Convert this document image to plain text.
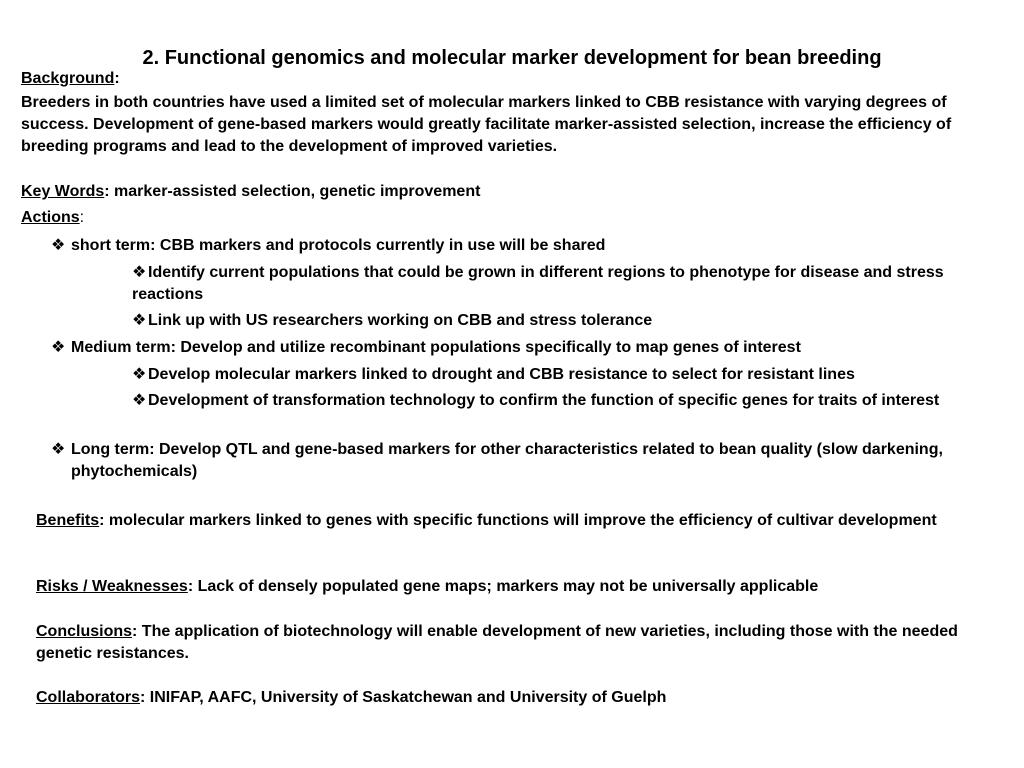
2. Functional genomics and molecular marker development for bean breeding
Background:

Breeders in both countries have used a limited set of molecular markers linked to CBB resistance with varying degrees of success. Development of gene-based markers would greatly facilitate marker-assisted selection, increase the efficiency of breeding programs and lead to the development of improved varieties.

Key Words: marker-assisted selection, genetic improvement
Actions:
❖ short term: CBB markers and protocols currently in use will be shared
❖ Identify current populations that could be grown in different regions to phenotype for disease and stress reactions
❖ Link up with US researchers working on CBB and stress tolerance
❖ Medium term: Develop and utilize recombinant populations specifically to map genes of interest
❖ Develop molecular markers linked to drought and CBB resistance to select for resistant lines
❖ Development of transformation technology to confirm the function of specific genes for traits of interest
❖ Long term: Develop QTL and gene-based markers for other characteristics related to bean quality (slow darkening, phytochemicals)

Benefits: molecular markers linked to genes with specific functions will improve the efficiency of cultivar development

Risks / Weaknesses: Lack of densely populated gene maps; markers may not be universally applicable

Conclusions: The application of biotechnology will enable development of new varieties, including those with the needed genetic resistances.

Collaborators: INIFAP, AAFC, University of Saskatchewan and University of Guelph
